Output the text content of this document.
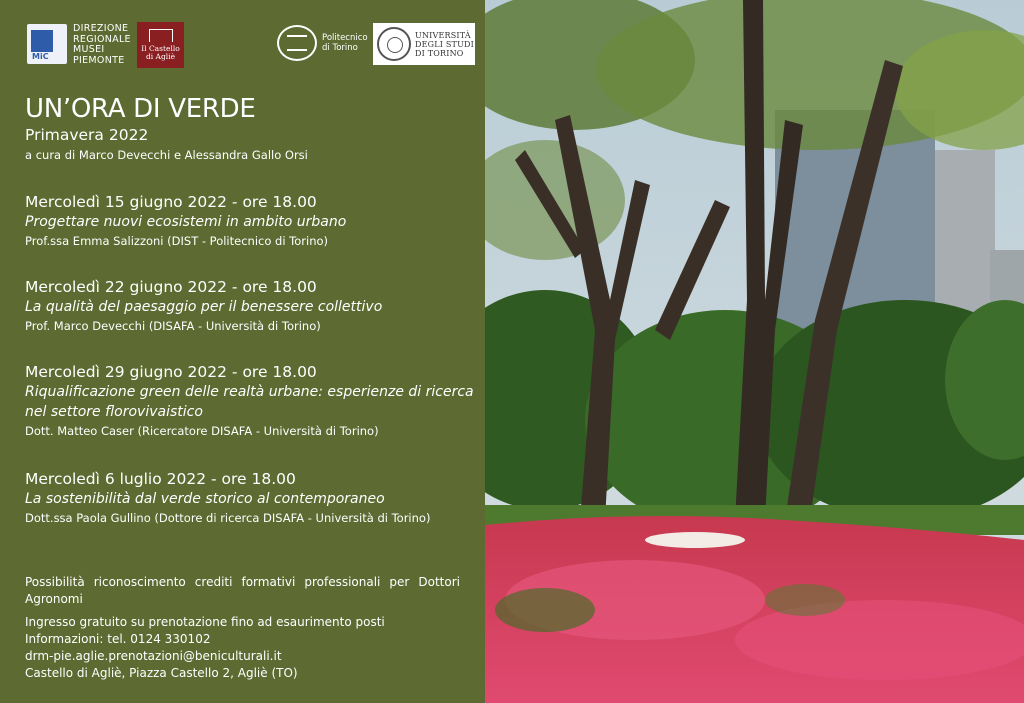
MiC
DIREZIONE
REGIONALE
MUSEI
PIEMONTE
Il Castello
di Agliè
Politecnico
di Torino
UNIVERSITÀ
DEGLI STUDI
DI TORINO
UN’ORA DI VERDE
Primavera 2022
a cura di Marco Devecchi e Alessandra Gallo Orsi
Mercoledì 15 giugno 2022 - ore 18.00
Progettare nuovi ecosistemi in ambito urbano
Prof.ssa Emma Salizzoni (DIST - Politecnico di Torino)
Mercoledì 22 giugno 2022 - ore 18.00
La qualità del paesaggio per il benessere collettivo
Prof. Marco Devecchi (DISAFA - Università di Torino)
Mercoledì 29 giugno 2022 - ore 18.00
Riqualificazione green delle realtà urbane: esperienze di ricerca nel settore florovivaistico
Dott. Matteo Caser (Ricercatore DISAFA - Università di Torino)
Mercoledì 6 luglio 2022 - ore 18.00
La sostenibilità dal verde storico al contemporaneo
Dott.ssa Paola Gullino (Dottore di ricerca DISAFA - Università di Torino)
Possibilità riconoscimento crediti formativi professionali per Dottori Agronomi
Ingresso gratuito su prenotazione fino ad esaurimento posti
Informazioni: tel. 0124 330102
drm-pie.aglie.prenotazioni@beniculturali.it
Castello di Agliè, Piazza Castello 2, Agliè (TO)
